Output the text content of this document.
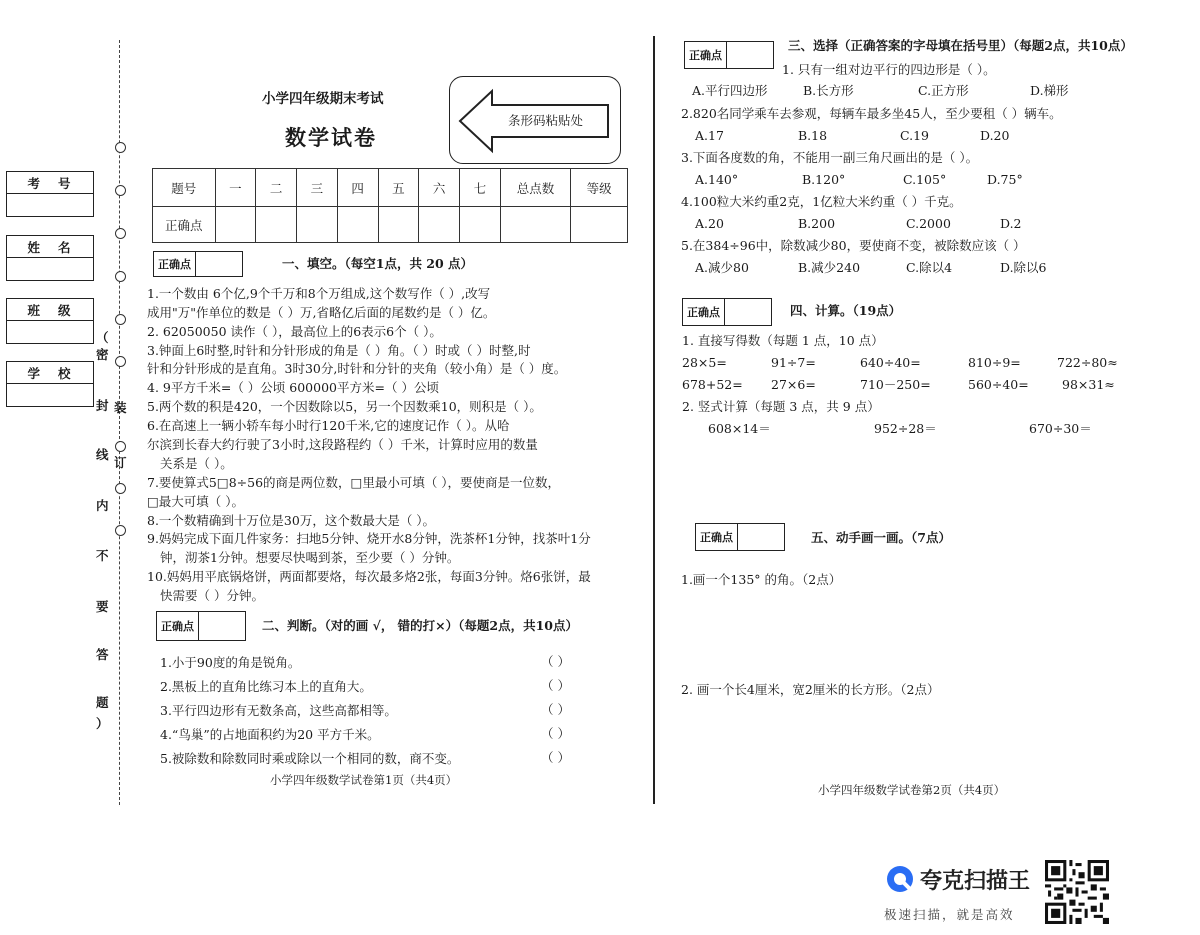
考号
姓名
班级
学校
（
密
封 装
订
线
内
不
要
答
题
）
小学四年级期末考试
数学试卷
条形码粘贴处
题号	一	二	三	四	五	六	七	总点数	等级
正确点									
正确点	一、填空。（每空1点，共 20 点）
1.一个数由 6个亿,9个千万和8个万组成,这个数写作（ ）,改写
成用"万"作单位的数是（ ）万,省略亿后面的尾数约是（ ）亿。
2. 62050050 读作（ ），最高位上的6表示6个（ ）。
3.钟面上6时整,时针和分针形成的角是（ ）角。（ ）时或（ ）时整,时
针和分针形成的是直角。3时30分,时针和分针的夹角（较小角）是（ ）度。
4. 9平方千米=（ ）公顷 600000平方米=（ ）公顷
5.两个数的积是420，一个因数除以5，另一个因数乘10，则积是（ ）。
6.在高速上一辆小轿车每小时行120千米,它的速度记作（ ）。从哈
尔滨到长春大约行驶了3小时,这段路程约（ ）千米，计算时应用的数量
关系是（ ）。
7.要使算式5□8÷56的商是两位数，□里最小可填（ ），要使商是一位数，
□最大可填（ ）。
8.一个数精确到十万位是30万，这个数最大是（ ）。
9.妈妈完成下面几件家务：扫地5分钟、烧开水8分钟，洗茶杯1分钟，找茶叶1分
钟，沏茶1分钟。想要尽快喝到茶，至少要（ ）分钟。
10.妈妈用平底锅烙饼，两面都要烙，每次最多烙2张，每面3分钟。烙6张饼，最
快需要（ ）分钟。
正确点	二、判断。（对的画 √， 错的打×）（每题2点，共10点）
1.小于90度的角是锐角。
2.黑板上的直角比练习本上的直角大。
3.平行四边形有无数条高，这些高都相等。
4.“鸟巢”的占地面积约为20 平方千米。
5.被除数和除数同时乘或除以一个相同的数，商不变。
（ ）
（ ）
（ ）
（ ）
（ ）
小学四年级数学试卷第1页（共4页）
正确点
三、选择（正确答案的字母填在括号里）（每题2点，共10点）
1. 只有一组对边平行的四边形是（ ）。
A.平行四边形	B.长方形	C.正方形	D.梯形
2.820名同学乘车去参观，每辆车最多坐45人，至少要租（ ）辆车。
A.17	B.18	C.19	D.20
3.下面各度数的角，不能用一副三角尺画出的是（ ）。
A.140°	B.120°	C.105°	D.75°
4.100粒大米约重2克，1亿粒大米约重（ ）千克。
A.20	B.200	C.2000	D.2
5.在384÷96中，除数减少80，要使商不变，被除数应该（ ）
A.减少80	B.减少240	C.除以4	D.除以6
正确点	四、计算。（19点）
1. 直接写得数（每题 1 点，10 点）
28×5=	91÷7=	640÷40=	810÷9=	722÷80≈
678+52= 27×6=	710－250=	560÷40=	98×31≈
2. 竖式计算（每题 3 点，共 9 点）
608×14＝	952÷28＝	670÷30＝
正确点	五、动手画一画。（7点）
1.画一个135° 的角。（2点）
2. 画一个长4厘米，宽2厘米的长方形。（2点）
小学四年级数学试卷第2页（共4页）
夸克扫描王
极速扫描，就是高效
